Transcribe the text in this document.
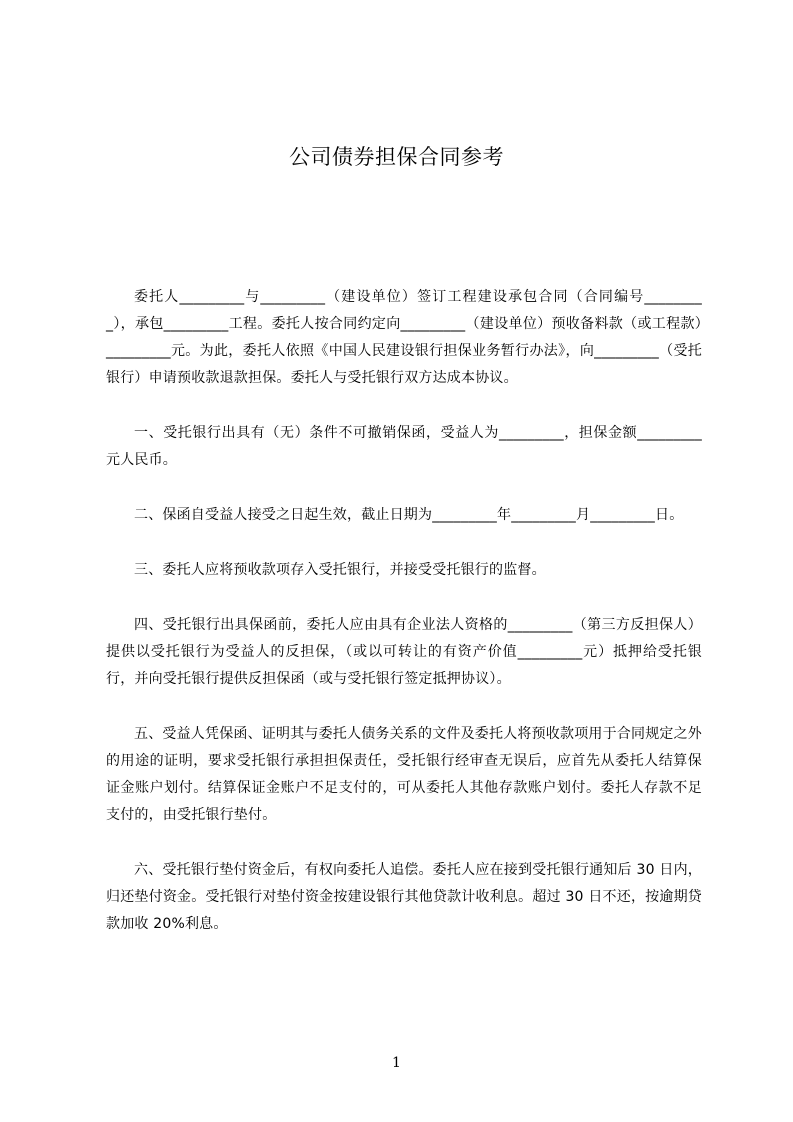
公司债券担保合同参考

委托人_________与_________（建设单位）签订工程建设承包合同（合同编号_________），承包_________工程。委托人按合同约定向_________（建设单位）预收备料款（或工程款）_________元。为此，委托人依照《中国人民建设银行担保业务暂行办法》，向_________（受托银行）申请预收款退款担保。委托人与受托银行双方达成本协议。

一、受托银行出具有（无）条件不可撤销保函，受益人为_________，担保金额_________元人民币。

二、保函自受益人接受之日起生效，截止日期为_________年_________月_________日。

三、委托人应将预收款项存入受托银行，并接受受托银行的监督。

四、受托银行出具保函前，委托人应由具有企业法人资格的_________（第三方反担保人）提供以受托银行为受益人的反担保，（或以可转让的有资产价值_________元）抵押给受托银行，并向受托银行提供反担保函（或与受托银行签定抵押协议）。

五、受益人凭保函、证明其与委托人债务关系的文件及委托人将预收款项用于合同规定之外的用途的证明，要求受托银行承担担保责任，受托银行经审查无误后，应首先从委托人结算保证金账户划付。结算保证金账户不足支付的，可从委托人其他存款账户划付。委托人存款不足支付的，由受托银行垫付。

六、受托银行垫付资金后，有权向委托人追偿。委托人应在接到受托银行通知后 30 日内，归还垫付资金。受托银行对垫付资金按建设银行其他贷款计收利息。超过 30 日不还，按逾期贷款加收 20%利息。

1
